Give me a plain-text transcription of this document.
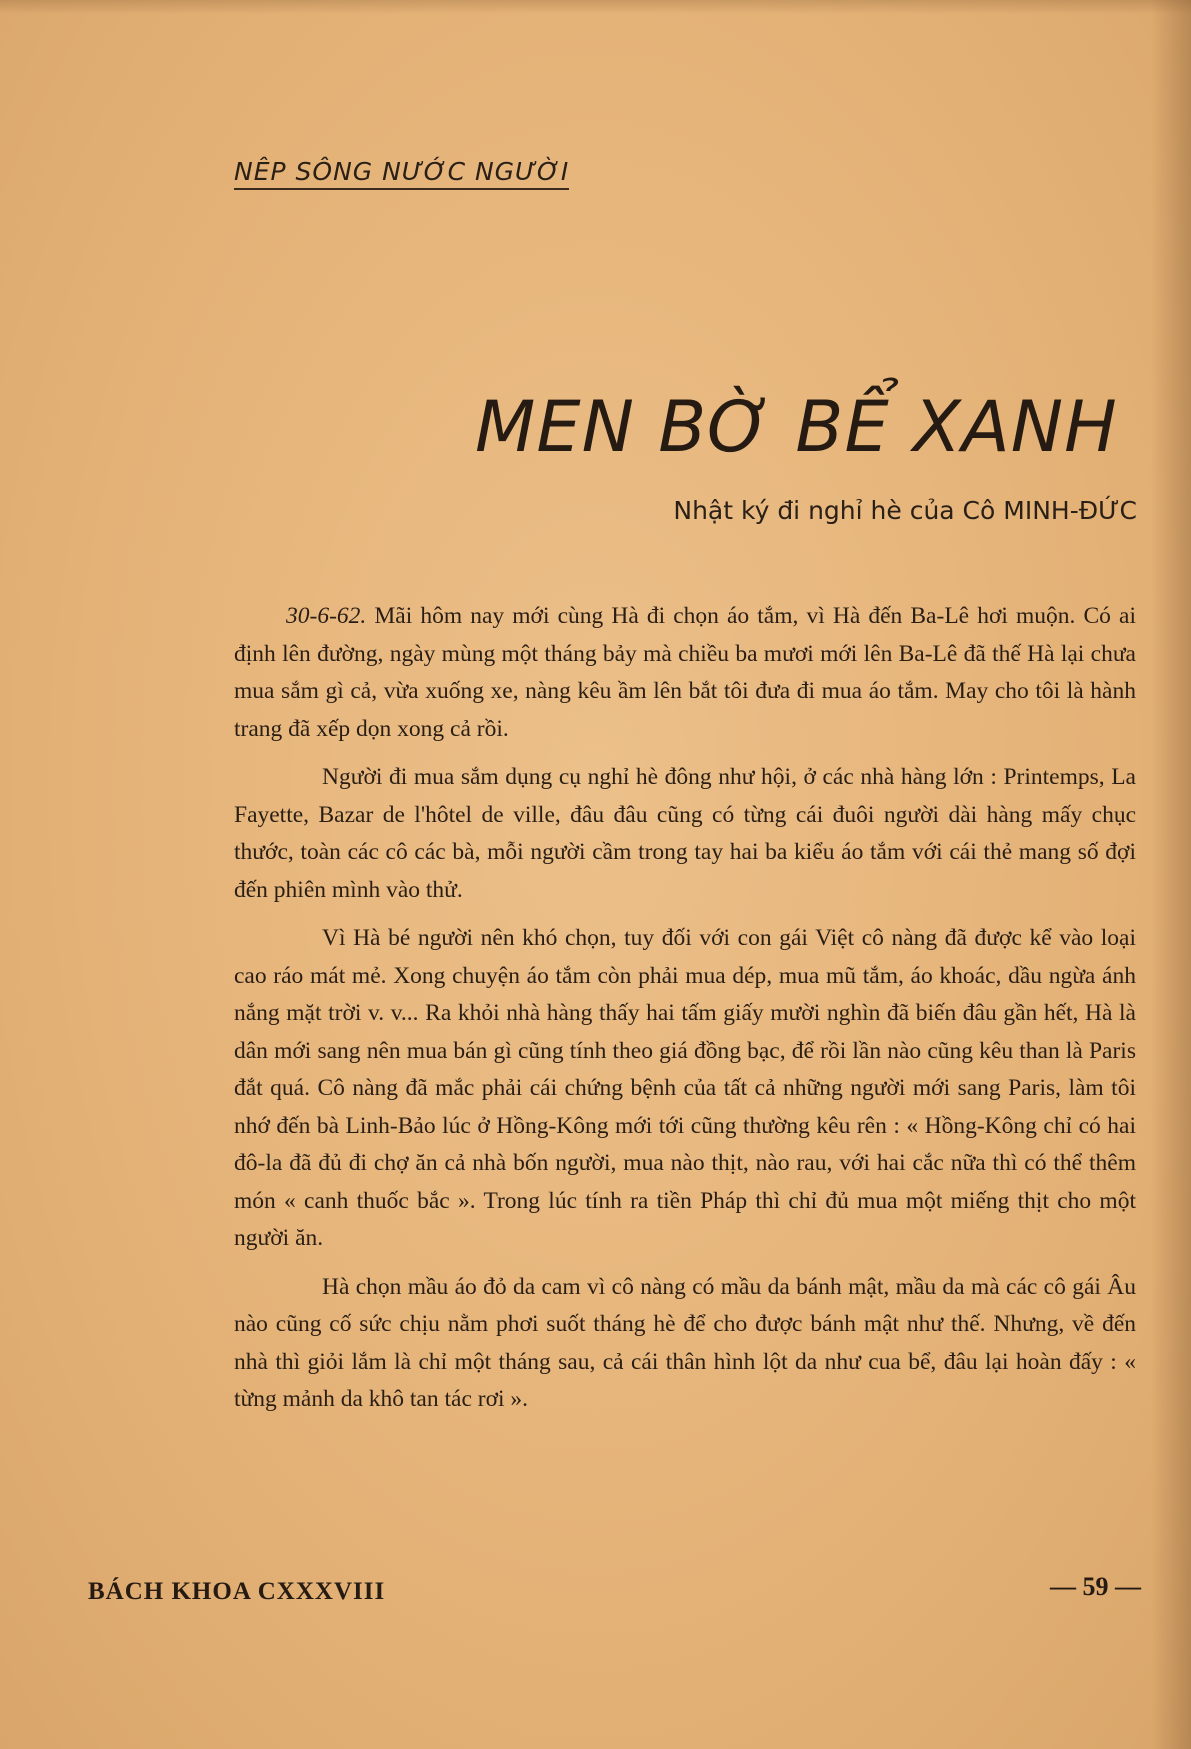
NÊP SÔNG NƯỚC NGƯỜI
MEN BỜ BỂ XANH
Nhật ký đi nghỉ hè của Cô MINH-ĐỨC

30-6-62. Mãi hôm nay mới cùng Hà đi chọn áo tắm, vì Hà đến Ba-Lê hơi muộn. Có ai định lên đường, ngày mùng một tháng bảy mà chiều ba mươi mới lên Ba-Lê đã thế Hà lại chưa mua sắm gì cả, vừa xuống xe, nàng kêu ầm lên bắt tôi đưa đi mua áo tắm. May cho tôi là hành trang đã xếp dọn xong cả rồi.

Người đi mua sắm dụng cụ nghỉ hè đông như hội, ở các nhà hàng lớn : Printemps, La Fayette, Bazar de l'hôtel de ville, đâu đâu cũng có từng cái đuôi người dài hàng mấy chục thước, toàn các cô các bà, mỗi người cầm trong tay hai ba kiểu áo tắm với cái thẻ mang số đợi đến phiên mình vào thử.

Vì Hà bé người nên khó chọn, tuy đối với con gái Việt cô nàng đã được kể vào loại cao ráo mát mẻ. Xong chuyện áo tắm còn phải mua dép, mua mũ tắm, áo khoác, dầu ngừa ánh nắng mặt trời v. v... Ra khỏi nhà hàng thấy hai tấm giấy mười nghìn đã biến đâu gần hết, Hà là dân mới sang nên mua bán gì cũng tính theo giá đồng bạc, để rồi lần nào cũng kêu than là Paris đắt quá. Cô nàng đã mắc phải cái chứng bệnh của tất cả những người mới sang Paris, làm tôi nhớ đến bà Linh-Bảo lúc ở Hồng-Kông mới tới cũng thường kêu rên : « Hồng-Kông chỉ có hai đô-la đã đủ đi chợ ăn cả nhà bốn người, mua nào thịt, nào rau, với hai cắc nữa thì có thể thêm món « canh thuốc bắc ». Trong lúc tính ra tiền Pháp thì chỉ đủ mua một miếng thịt cho một người ăn.

Hà chọn mầu áo đỏ da cam vì cô nàng có mầu da bánh mật, mầu da mà các cô gái Âu nào cũng cố sức chịu nằm phơi suốt tháng hè để cho được bánh mật như thế. Nhưng, về đến nhà thì giỏi lắm là chỉ một tháng sau, cả cái thân hình lột da như cua bể, đâu lại hoàn đấy : « từng mảnh da khô tan tác rơi ».

BÁCH KHOA CXXXVIII	— 59 —
